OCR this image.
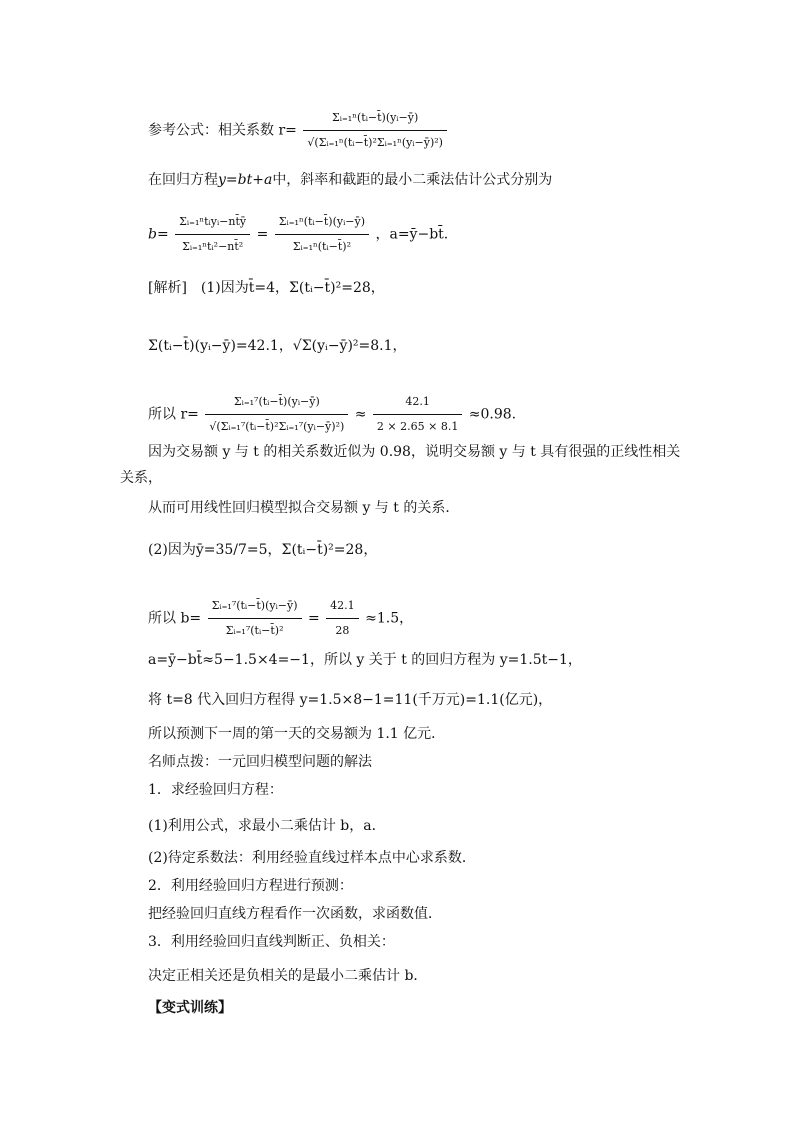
参考公式：相关系数 $r= \frac{\text{Σᵢ₌₁ⁿ(tᵢ−t̄)(yᵢ−ȳ)}}{\text{√(Σᵢ₌₁ⁿ(tᵢ−t̄)²Σᵢ₌₁ⁿ(yᵢ−ȳ)²)}}$
在回归方程y=bt+a中，斜率和截距的最小二乘法估计公式分别为
$b= \frac{\text{Σᵢ₌₁ⁿtᵢyᵢ−nt̄ȳ}}{\text{Σᵢ₌₁ⁿtᵢ²−nt̄²}} = \frac{\text{Σᵢ₌₁ⁿ(tᵢ−t̄)(yᵢ−ȳ)}}{\text{Σᵢ₌₁ⁿ(tᵢ−t̄)²}}$ ，a=ȳ−bt̄.
[解析]　(1)因为t̄=4，Σ(tᵢ−t̄)²=28，
Σ(tᵢ−t̄)(yᵢ−ȳ)=42.1，√Σ(yᵢ−ȳ)²=8.1，
所以 $r= \frac{\text{Σᵢ₌₁⁷(tᵢ−t̄)(yᵢ−ȳ)}}{\text{√(Σᵢ₌₁⁷(tᵢ−t̄)²Σᵢ₌₁⁷(yᵢ−ȳ)²)}} \approx \frac{42.1}{2 \times 2.65 \times 8.1} \approx 0.98$.
因为交易额 y 与 t 的相关系数近似为 0.98，说明交易额 y 与 t 具有很强的正线性相关
关系，
从而可用线性回归模型拟合交易额 y 与 t 的关系．
(2)因为ȳ=35/7=5，Σ(tᵢ−t̄)²=28，
所以 $b= \frac{\text{Σᵢ₌₁⁷(tᵢ−t̄)(yᵢ−ȳ)}}{\text{Σᵢ₌₁⁷(tᵢ−t̄)²}} = \frac{42.1}{28} \approx 1.5$，
a=ȳ−bt̄≈5−1.5×4=−1，所以 y 关于 t 的回归方程为 y=1.5t−1，
将 t=8 代入回归方程得 y=1.5×8−1=11(千万元)=1.1(亿元)，
所以预测下一周的第一天的交易额为 1.1 亿元．
名师点拨：一元回归模型问题的解法
1．求经验回归方程：
(1)利用公式，求最小二乘估计 b，a．
(2)待定系数法：利用经验直线过样本点中心求系数．
2．利用经验回归方程进行预测：
把经验回归直线方程看作一次函数，求函数值．
3．利用经验回归直线判断正、负相关：
决定正相关还是负相关的是最小二乘估计 b．
【变式训练】
